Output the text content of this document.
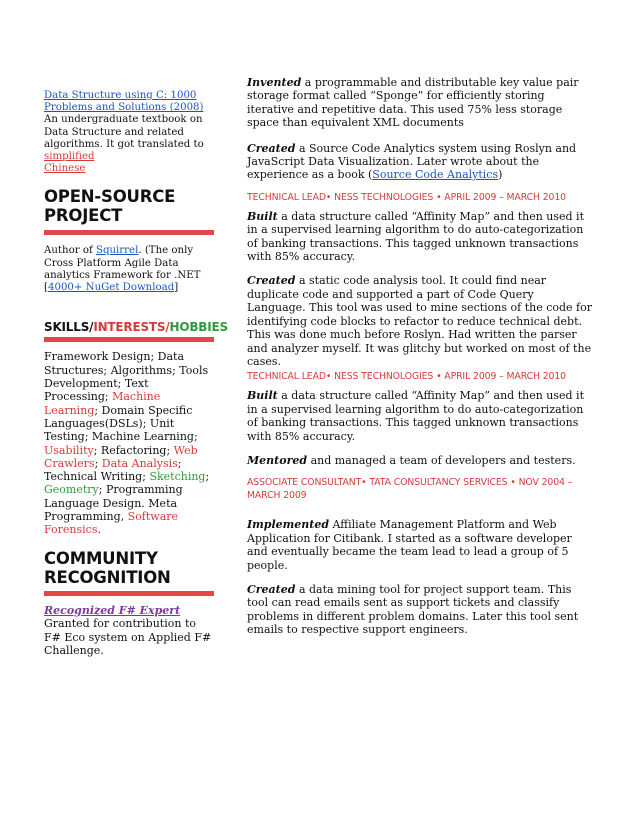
Data Structure using C: 1000 Problems and Solutions (2008)
An undergraduate textbook on Data Structure and related algorithms. It got translated to
simplified
Chinese

OPEN-SOURCE
PROJECT

Author of Squirrel. (The only Cross Platform Agile Data analytics Framework for .NET [4000+ NuGet Download]

SKILLS/INTERESTS/HOBBIES

Framework Design; Data Structures; Algorithms; Tools Development; Text Processing; Machine Learning; Domain Specific Languages(DSLs); Unit Testing; Machine Learning; Usability; Refactoring; Web Crawlers; Data Analysis; Technical Writing; Sketching; Geometry; Programming Language Design. Meta Programming, Software Forensics.

COMMUNITY
RECOGNITION

Recognized F# Expert
Granted for contribution to F# Eco system on Applied F# Challenge.

Invented a programmable and distributable key value pair storage format called “Sponge” for efficiently storing iterative and repetitive data. This used 75% less storage space than equivalent XML documents

Created a Source Code Analytics system using Roslyn and JavaScript Data Visualization. Later wrote about the experience as a book (Source Code Analytics)

TECHNICAL LEAD• NESS TECHNOLOGIES • APRIL 2009 – MARCH 2010

Built a data structure called “Affinity Map” and then used it in a supervised learning algorithm to do auto-categorization of banking transactions. This tagged unknown transactions with 85% accuracy.

Created a static code analysis tool. It could find near duplicate code and supported a part of Code Query Language. This tool was used to mine sections of the code for identifying code blocks to refactor to reduce technical debt. This was done much before Roslyn. Had written the parser and analyzer myself. It was glitchy but worked on most of the cases.

TECHNICAL LEAD• NESS TECHNOLOGIES • APRIL 2009 – MARCH 2010

Built a data structure called “Affinity Map” and then used it in a supervised learning algorithm to do auto-categorization of banking transactions. This tagged unknown transactions with 85% accuracy.

Mentored and managed a team of developers and testers.

ASSOCIATE CONSULTANT• TATA CONSULTANCY SERVICES • NOV 2004 – MARCH 2009

Implemented Affiliate Management Platform and Web Application for Citibank. I started as a software developer and eventually became the team lead to lead a group of 5 people.

Created a data mining tool for project support team. This tool can read emails sent as support tickets and classify problems in different problem domains. Later this tool sent emails to respective support engineers.
